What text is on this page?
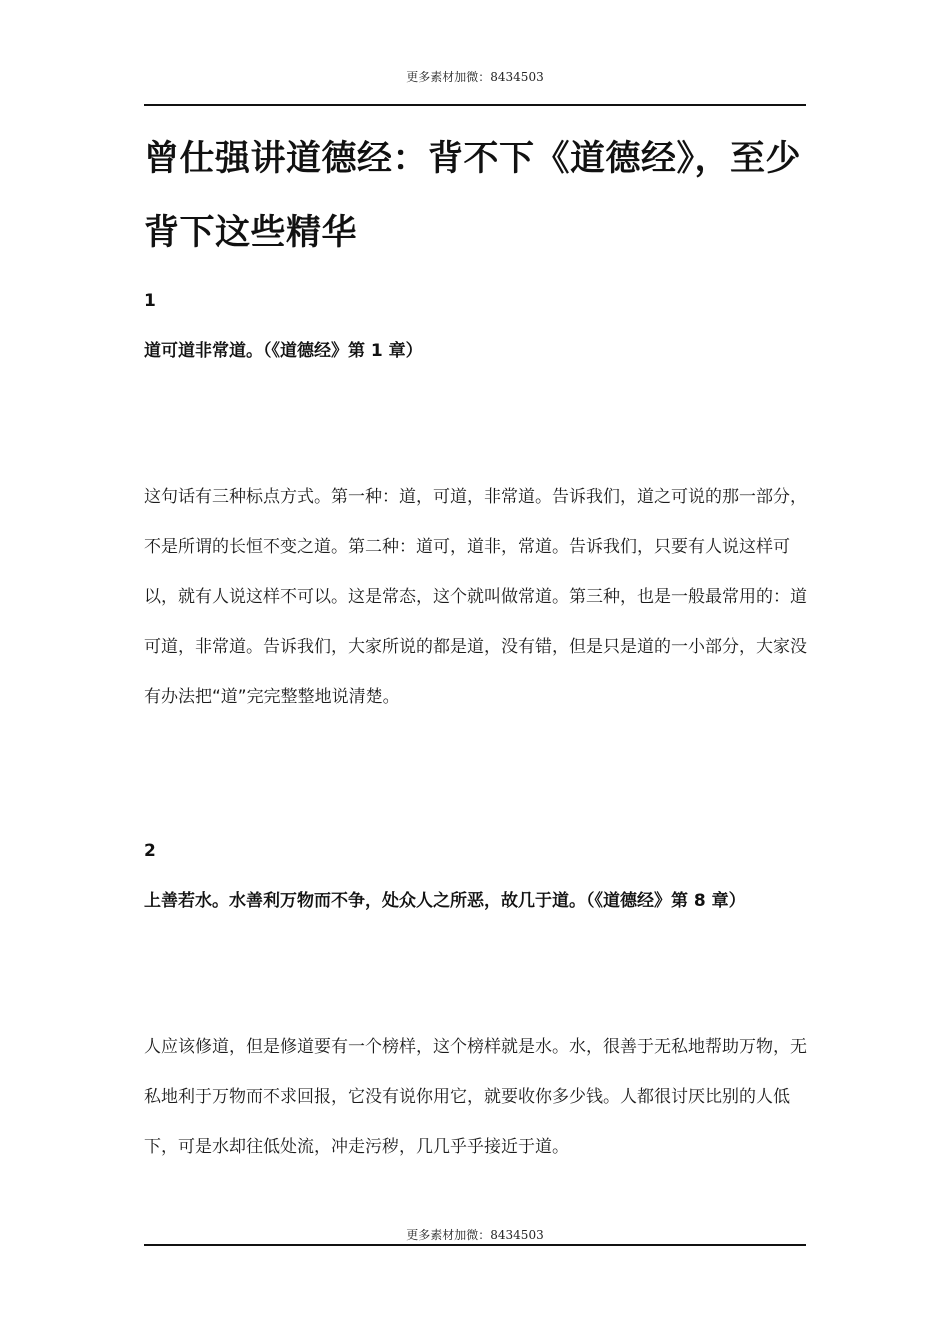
更多素材加微：8434503
曾仕强讲道德经：背不下《道德经》，至少背下这些精华

1

道可道非常道。（《道德经》第 1 章）

这句话有三种标点方式。第一种：道，可道，非常道。告诉我们，道之可说的那一部分，不是所谓的长恒不变之道。第二种：道可，道非，常道。告诉我们，只要有人说这样可以，就有人说这样不可以。这是常态，这个就叫做常道。第三种，也是一般最常用的：道可道，非常道。告诉我们，大家所说的都是道，没有错，但是只是道的一小部分，大家没有办法把“道”完完整整地说清楚。

2

上善若水。水善利万物而不争，处众人之所恶，故几于道。（《道德经》第 8 章）

人应该修道，但是修道要有一个榜样，这个榜样就是水。水，很善于无私地帮助万物，无私地利于万物而不求回报，它没有说你用它，就要收你多少钱。人都很讨厌比别的人低下，可是水却往低处流，冲走污秽，几几乎乎接近于道。

更多素材加微：8434503
